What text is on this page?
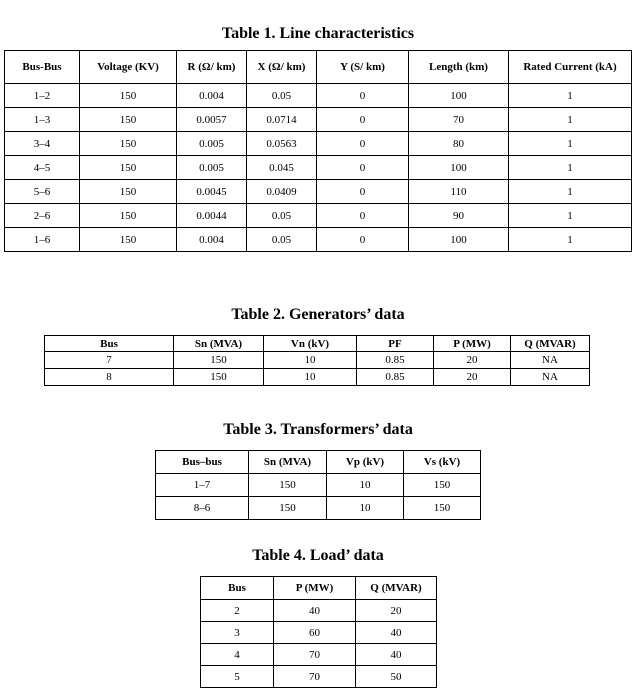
Table 1. Line characteristics
Bus-Bus	Voltage (KV)	R (Ω/ km)	X (Ω/ km)	Y (S/ km)	Length (km)	Rated Current (kA)
1–2	150	0.004	0.05	0	100	1
1–3	150	0.0057	0.0714	0	70	1
3–4	150	0.005	0.0563	0	80	1
4–5	150	0.005	0.045	0	100	1
5–6	150	0.0045	0.0409	0	110	1
2–6	150	0.0044	0.05	0	90	1
1–6	150	0.004	0.05	0	100	1
Table 2. Generators’ data
Bus	Sn (MVA)	Vn (kV)	PF	P (MW)	Q (MVAR)
7	150	10	0.85	20	NA
8	150	10	0.85	20	NA
Table 3. Transformers’ data
Bus–bus	Sn (MVA)	Vp (kV)	Vs (kV)
1–7	150	10	150
8–6	150	10	150
Table 4. Load’ data
Bus	P (MW)	Q (MVAR)
2	40	20
3	60	40
4	70	40
5	70	50
